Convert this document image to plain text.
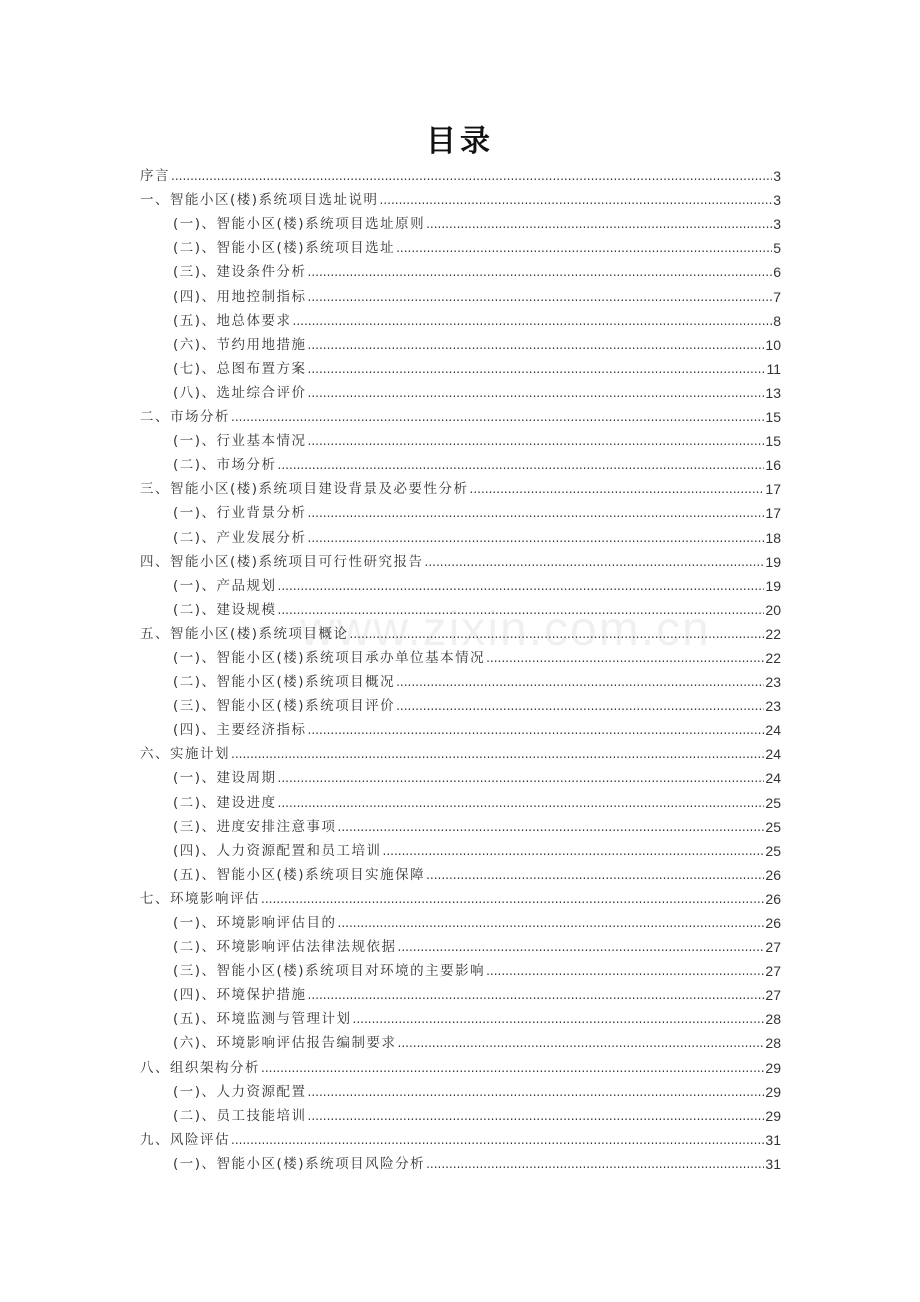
目录
www.zixin.com.cn
序言 .....	3
一、智能小区(楼)系统项目选址说明 .....	3
(一)、智能小区(楼)系统项目选址原则 .....	3
(二)、智能小区(楼)系统项目选址 .....	5
(三)、建设条件分析 .....	6
(四)、用地控制指标 .....	7
(五)、地总体要求 .....	8
(六)、节约用地措施 .....	10
(七)、总图布置方案 .....	11
(八)、选址综合评价 .....	13
二、市场分析 .....	15
(一)、行业基本情况 .....	15
(二)、市场分析 .....	16
三、智能小区(楼)系统项目建设背景及必要性分析 .....	17
(一)、行业背景分析 .....	17
(二)、产业发展分析 .....	18
四、智能小区(楼)系统项目可行性研究报告 .....	19
(一)、产品规划 .....	19
(二)、建设规模 .....	20
五、智能小区(楼)系统项目概论 .....	22
(一)、智能小区(楼)系统项目承办单位基本情况 .....	22
(二)、智能小区(楼)系统项目概况 .....	23
(三)、智能小区(楼)系统项目评价 .....	23
(四)、主要经济指标 .....	24
六、实施计划 .....	24
(一)、建设周期 .....	24
(二)、建设进度 .....	25
(三)、进度安排注意事项 .....	25
(四)、人力资源配置和员工培训 .....	25
(五)、智能小区(楼)系统项目实施保障 .....	26
七、环境影响评估 .....	26
(一)、环境影响评估目的 .....	26
(二)、环境影响评估法律法规依据 .....	27
(三)、智能小区(楼)系统项目对环境的主要影响 .....	27
(四)、环境保护措施 .....	27
(五)、环境监测与管理计划 .....	28
(六)、环境影响评估报告编制要求 .....	28
八、组织架构分析 .....	29
(一)、人力资源配置 .....	29
(二)、员工技能培训 .....	29
九、风险评估 .....	31
(一)、智能小区(楼)系统项目风险分析 .....	31
